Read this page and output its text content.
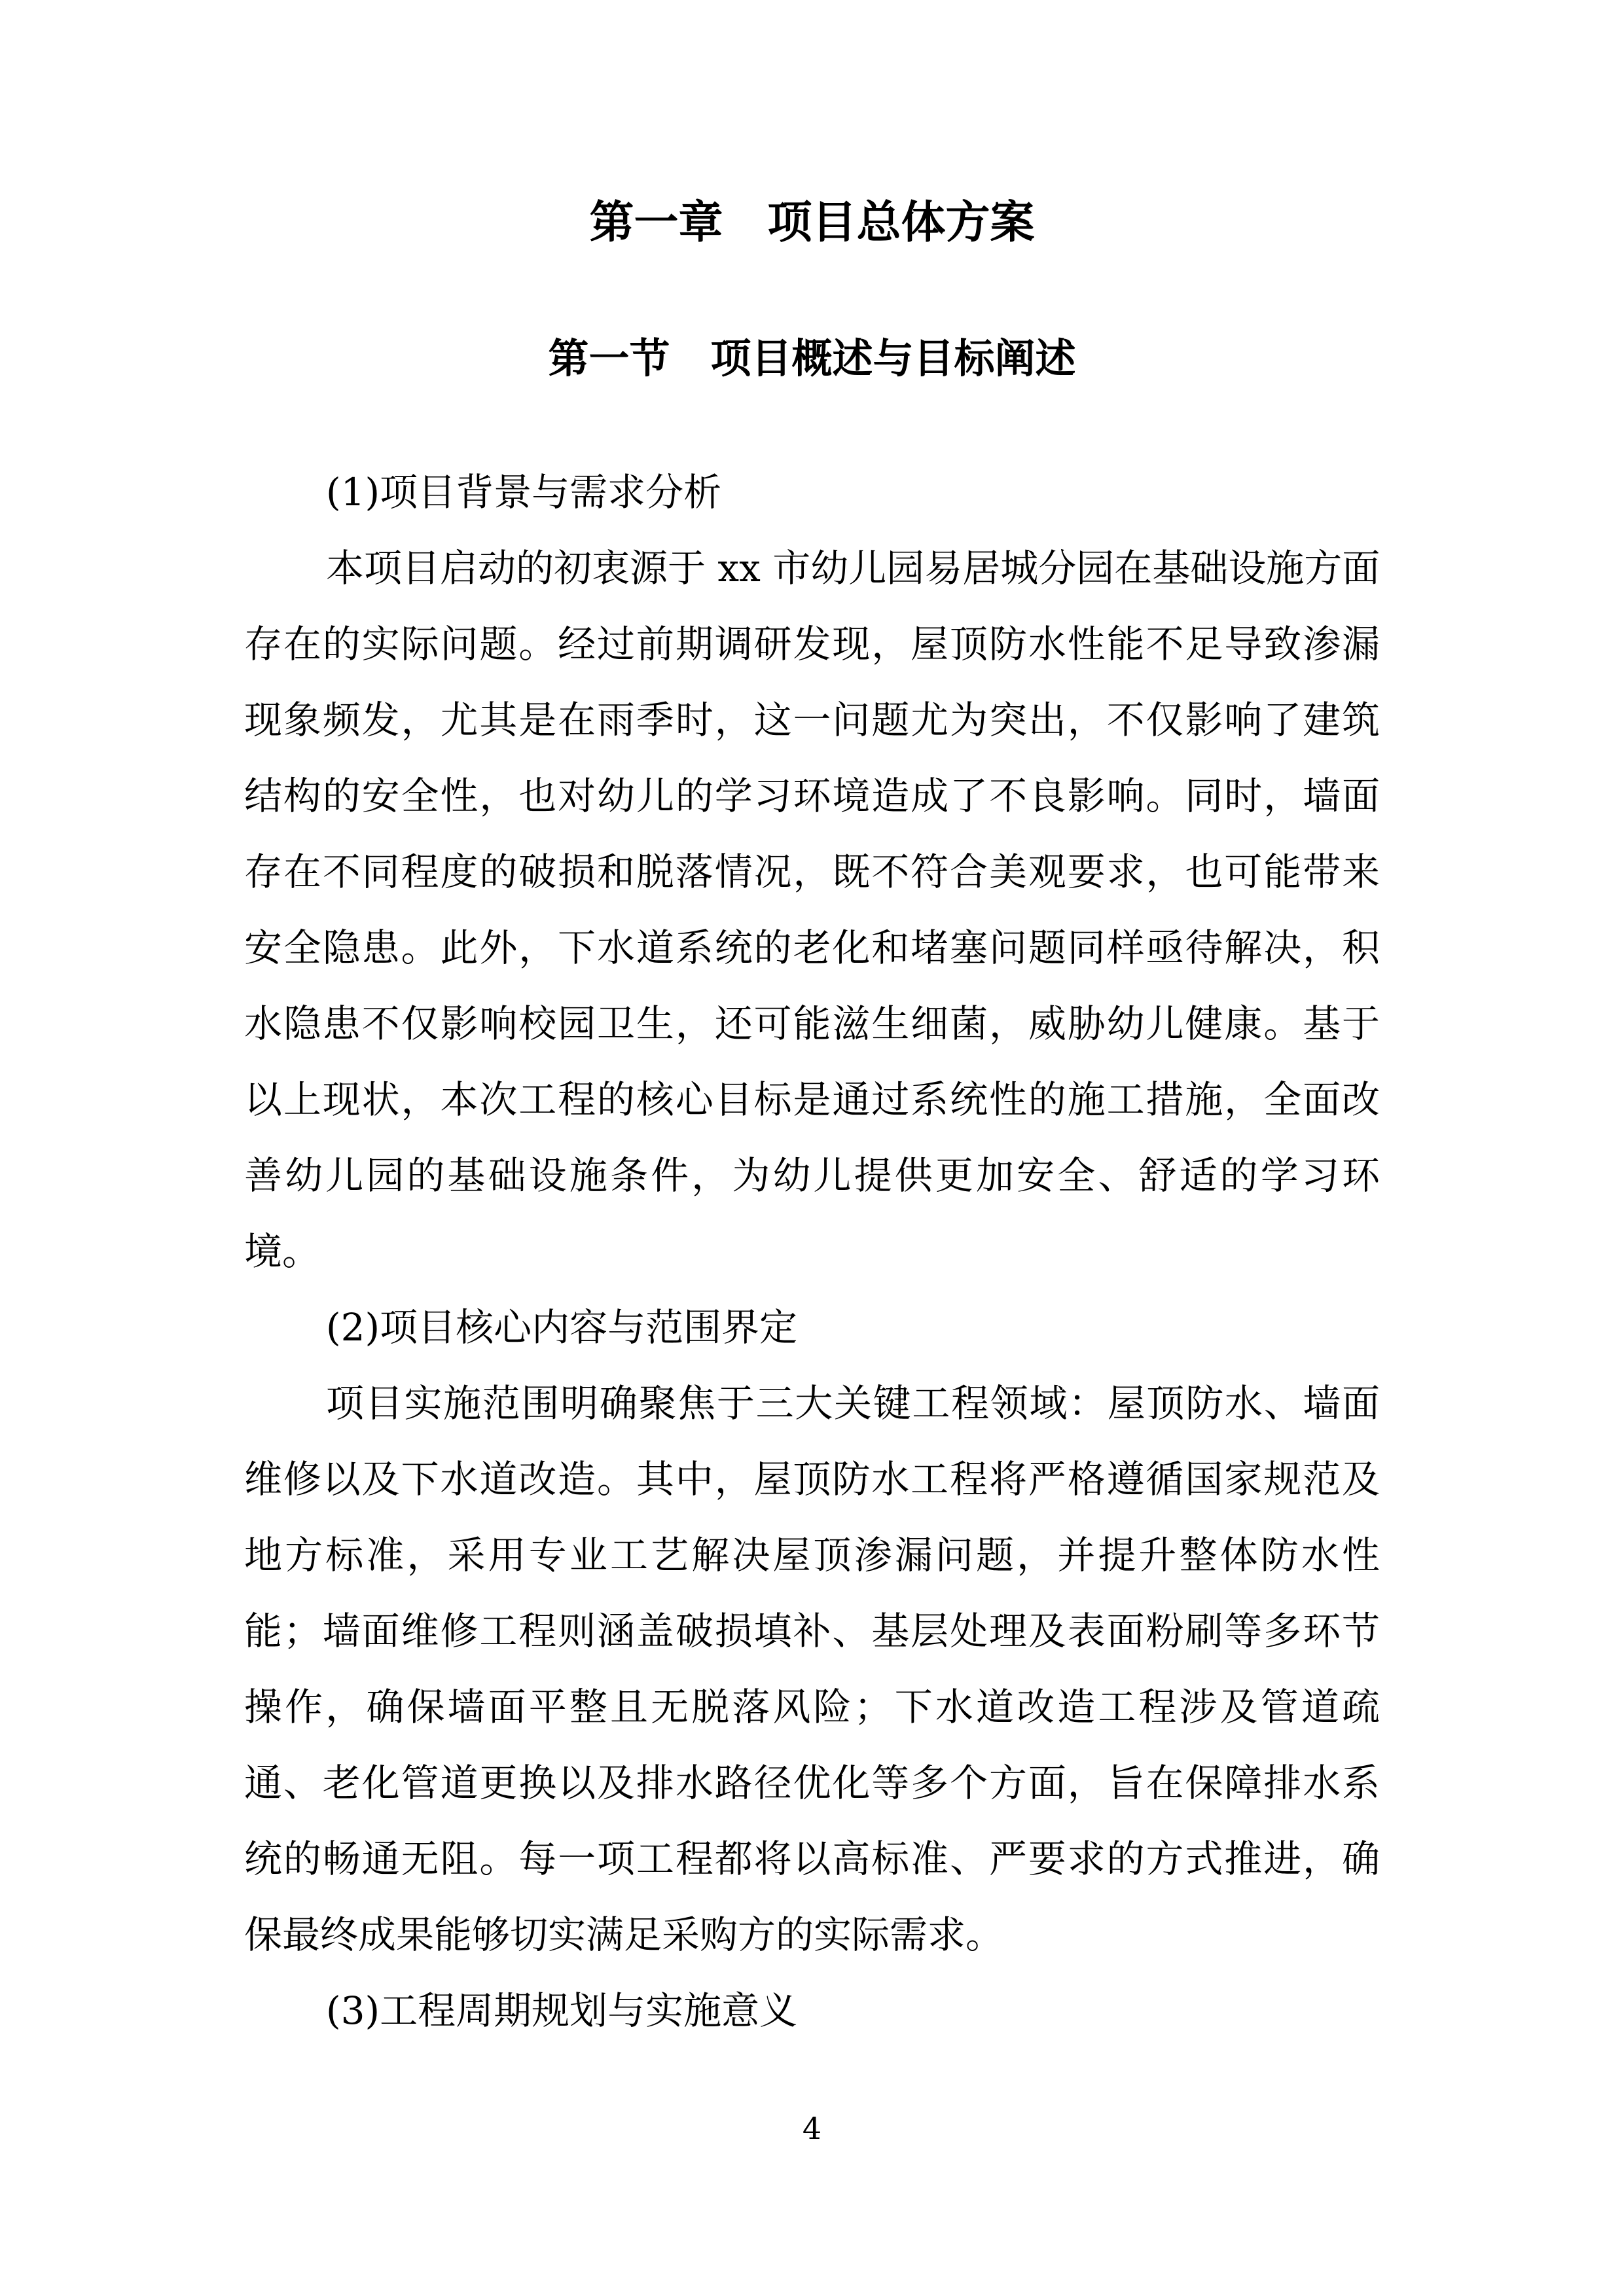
第一章　项目总体方案
第一节　项目概述与目标阐述
(1)项目背景与需求分析
本项目启动的初衷源于 xx 市幼儿园易居城分园在基础设施方面
存在的实际问题。经过前期调研发现，屋顶防水性能不足导致渗漏
现象频发，尤其是在雨季时，这一问题尤为突出，不仅影响了建筑
结构的安全性，也对幼儿的学习环境造成了不良影响。同时，墙面
存在不同程度的破损和脱落情况，既不符合美观要求，也可能带来
安全隐患。此外，下水道系统的老化和堵塞问题同样亟待解决，积
水隐患不仅影响校园卫生，还可能滋生细菌，威胁幼儿健康。基于
以上现状，本次工程的核心目标是通过系统性的施工措施，全面改
善幼儿园的基础设施条件，为幼儿提供更加安全、舒适的学习环
境。
(2)项目核心内容与范围界定
项目实施范围明确聚焦于三大关键工程领域：屋顶防水、墙面
维修以及下水道改造。其中，屋顶防水工程将严格遵循国家规范及
地方标准，采用专业工艺解决屋顶渗漏问题，并提升整体防水性
能；墙面维修工程则涵盖破损填补、基层处理及表面粉刷等多环节
操作，确保墙面平整且无脱落风险；下水道改造工程涉及管道疏
通、老化管道更换以及排水路径优化等多个方面，旨在保障排水系
统的畅通无阻。每一项工程都将以高标准、严要求的方式推进，确
保最终成果能够切实满足采购方的实际需求。
(3)工程周期规划与实施意义
4
